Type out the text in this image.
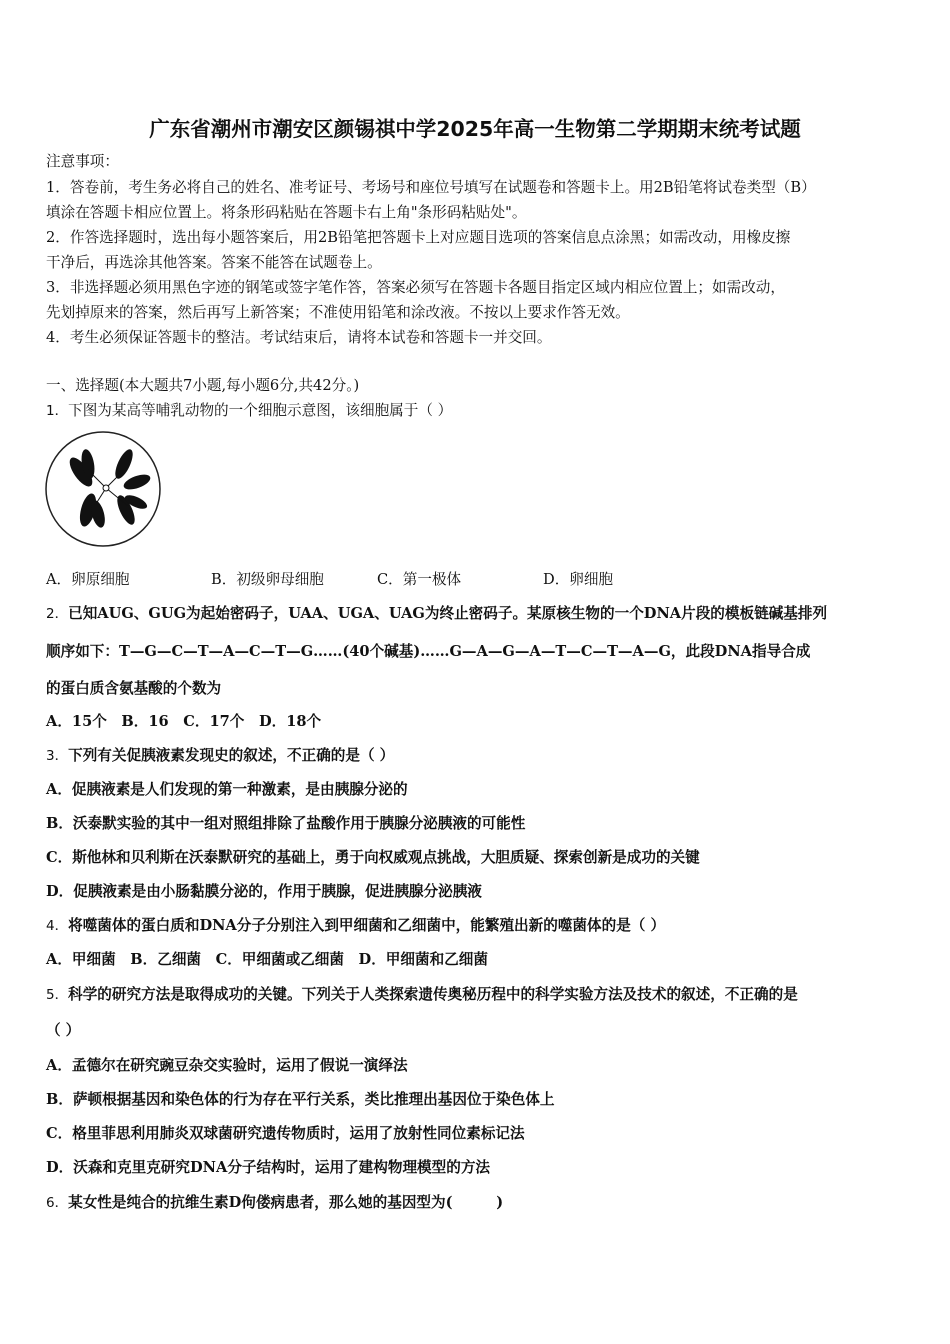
广东省潮州市潮安区颜锡祺中学2025年高一生物第二学期期末统考试题
注意事项：
1．答卷前，考生务必将自己的姓名、准考证号、考场号和座位号填写在试题卷和答题卡上。用2B铅笔将试卷类型（B）
填涂在答题卡相应位置上。将条形码粘贴在答题卡右上角"条形码粘贴处"。
2．作答选择题时，选出每小题答案后，用2B铅笔把答题卡上对应题目选项的答案信息点涂黑；如需改动，用橡皮擦
干净后，再选涂其他答案。答案不能答在试题卷上。
3．非选择题必须用黑色字迹的钢笔或签字笔作答，答案必须写在答题卡各题目指定区域内相应位置上；如需改动，
先划掉原来的答案，然后再写上新答案；不准使用铅笔和涂改液。不按以上要求作答无效。
4．考生必须保证答题卡的整洁。考试结束后，请将本试卷和答题卡一并交回。
一、选择题(本大题共7小题,每小题6分,共42分。)
1．下图为某高等哺乳动物的一个细胞示意图，该细胞属于（ ）
A．卵原细胞	B．初级卵母细胞	C．第一极体	D．卵细胞
2．已知AUG、GUG为起始密码子，UAA、UGA、UAG为终止密码子。某原核生物的一个DNA片段的模板链碱基排列
顺序如下：T—G—C—T—A—C—T—G……(40个碱基)……G—A—G—A—T—C—T—A—G，此段DNA指导合成
的蛋白质含氨基酸的个数为
A．15个　B．16　C．17个　D．18个
3．下列有关促胰液素发现史的叙述，不正确的是（ ）
A．促胰液素是人们发现的第一种激素，是由胰腺分泌的
B．沃泰默实验的其中一组对照组排除了盐酸作用于胰腺分泌胰液的可能性
C．斯他林和贝利斯在沃泰默研究的基础上，勇于向权威观点挑战，大胆质疑、探索创新是成功的关键
D．促胰液素是由小肠黏膜分泌的，作用于胰腺，促进胰腺分泌胰液
4．将噬菌体的蛋白质和DNA分子分别注入到甲细菌和乙细菌中，能繁殖出新的噬菌体的是（ ）
A．甲细菌　B．乙细菌　C．甲细菌或乙细菌　D．甲细菌和乙细菌
5．科学的研究方法是取得成功的关键。下列关于人类探索遗传奥秘历程中的科学实验方法及技术的叙述，不正确的是
（ ）
A．孟德尔在研究豌豆杂交实验时，运用了假说一演绎法
B．萨顿根据基因和染色体的行为存在平行关系，类比推理出基因位于染色体上
C．格里菲思利用肺炎双球菌研究遗传物质时，运用了放射性同位素标记法
D．沃森和克里克研究DNA分子结构时，运用了建构物理模型的方法
6．某女性是纯合的抗维生素D佝偻病患者，那么她的基因型为(　　　)
